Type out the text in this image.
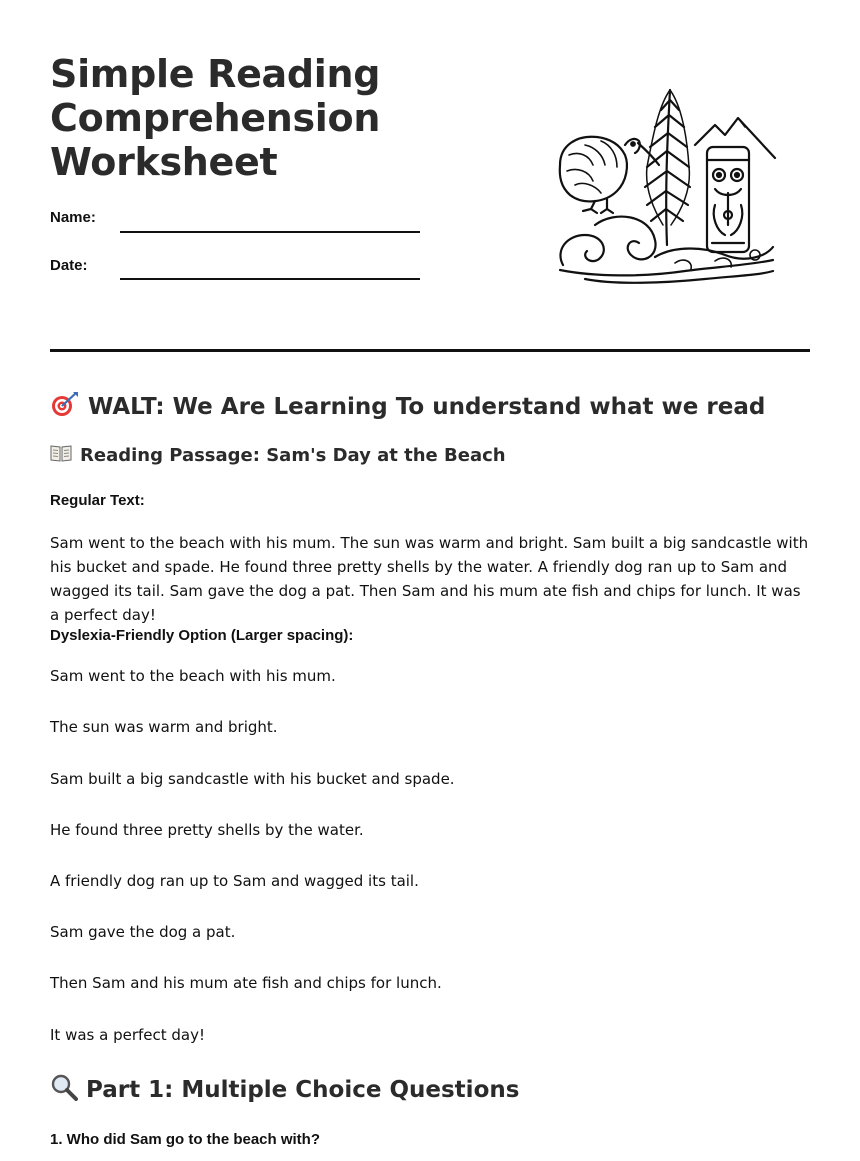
Simple Reading
Comprehension
Worksheet
Name:
Date:
WALT: We Are Learning To understand what we read
Reading Passage: Sam's Day at the Beach
Regular Text:

Sam went to the beach with his mum. The sun was warm and bright. Sam built a big sandcastle with his bucket and spade. He found three pretty shells by the water. A friendly dog ran up to Sam and wagged its tail. Sam gave the dog a pat. Then Sam and his mum ate fish and chips for lunch. It was a perfect day!

Dyslexia-Friendly Option (Larger spacing):
Sam went to the beach with his mum.
The sun was warm and bright.
Sam built a big sandcastle with his bucket and spade.
He found three pretty shells by the water.
A friendly dog ran up to Sam and wagged its tail.
Sam gave the dog a pat.
Then Sam and his mum ate fish and chips for lunch.
It was a perfect day!
Part 1: Multiple Choice Questions
1. Who did Sam go to the beach with?
